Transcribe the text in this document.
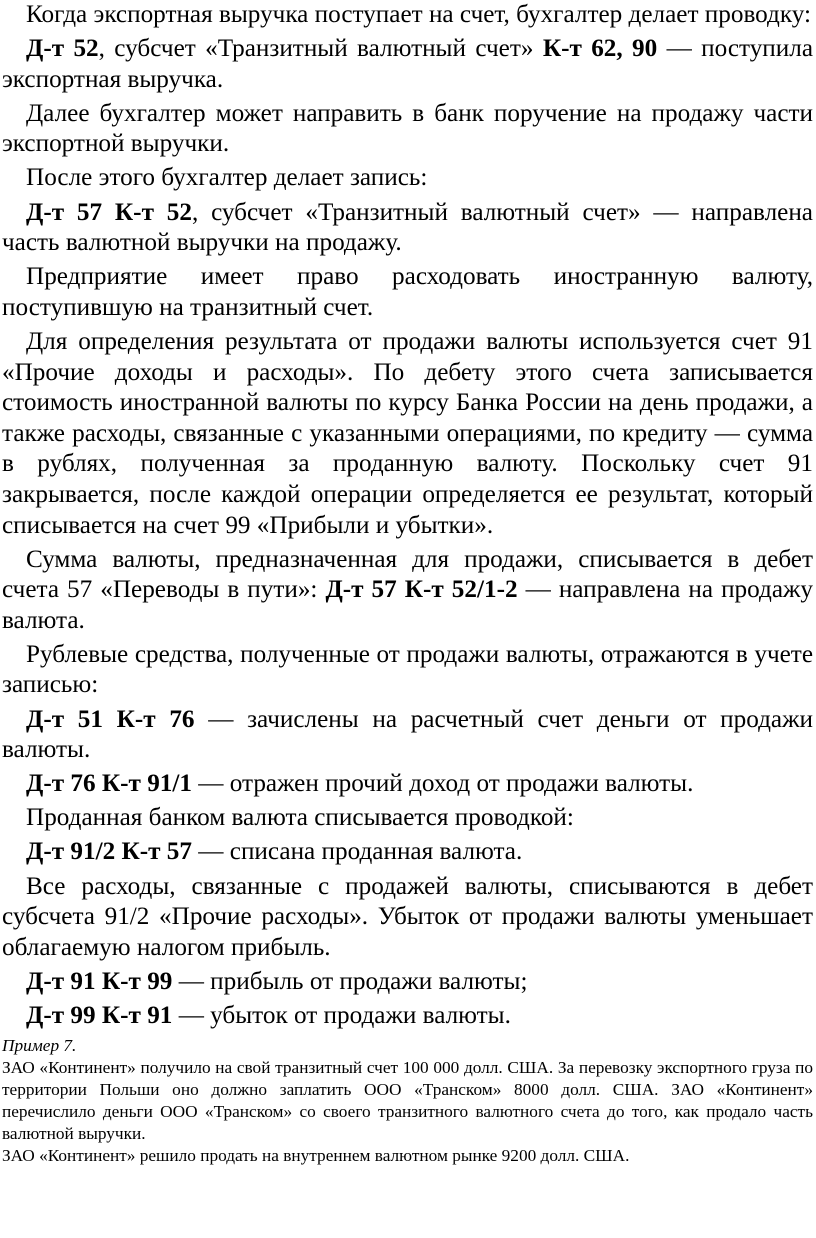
Когда экспортная выручка поступает на счет, бухгалтер делает проводку:

Д-т 52, субсчет «Транзитный валютный счет» К-т 62, 90 — поступила экспортная выручка.

Далее бухгалтер может направить в банк поручение на продажу части экспортной выручки.

После этого бухгалтер делает запись:

Д-т 57 К-т 52, субсчет «Транзитный валютный счет» — направлена часть валютной выручки на продажу.

Предприятие имеет право расходовать иностранную валюту, поступившую на транзитный счет.

Для определения результата от продажи валюты используется счет 91 «Прочие доходы и расходы». По дебету этого счета записывается стоимость иностранной валюты по курсу Банка России на день продажи, а также расходы, связанные с указанными операциями, по кредиту — сумма в рублях, полученная за проданную валюту. Поскольку счет 91 закрывается, после каждой операции определяется ее результат, который списывается на счет 99 «Прибыли и убытки».

Сумма валюты, предназначенная для продажи, списывается в дебет счета 57 «Переводы в пути»: Д-т 57 К-т 52/1-2 — направлена на продажу валюта.

Рублевые средства, полученные от продажи валюты, отражаются в учете записью:

Д-т 51 К-т 76 — зачислены на расчетный счет деньги от продажи валюты.

Д-т 76 К-т 91/1 — отражен прочий доход от продажи валюты.

Проданная банком валюта списывается проводкой:

Д-т 91/2 К-т 57 — списана проданная валюта.

Все расходы, связанные с продажей валюты, списываются в дебет субсчета 91/2 «Прочие расходы». Убыток от продажи валюты уменьшает облагаемую налогом прибыль.

Д-т 91 К-т 99 — прибыль от продажи валюты;

Д-т 99 К-т 91 — убыток от продажи валюты.

Пример 7.

ЗАО «Континент» получило на свой транзитный счет 100 000 долл. США. За перевозку экспортного груза по территории Польши оно должно заплатить ООО «Транском» 8000 долл. США. ЗАО «Континент» перечислило деньги ООО «Транском» со своего транзитного валютного счета до того, как продало часть валютной выручки.

ЗАО «Континент» решило продать на внутреннем валютном рынке 9200 долл. США.
